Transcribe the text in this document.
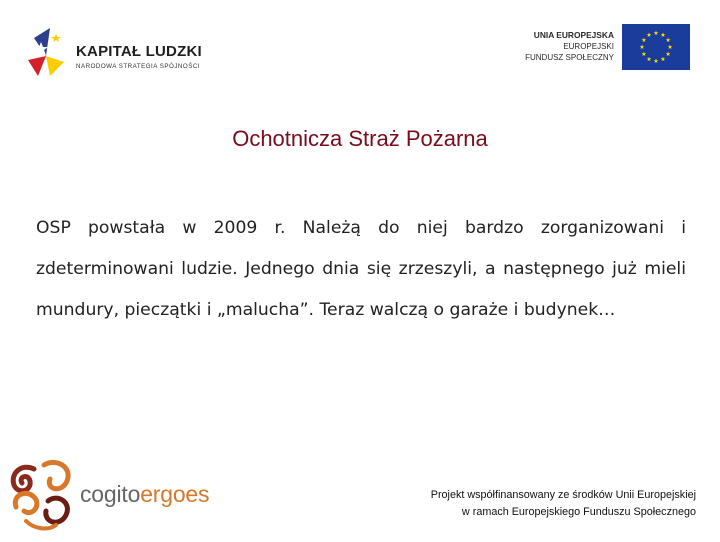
KAPITAŁ LUDZKI
NARODOWA STRATEGIA SPÓJNOŚCI
UNIA EUROPEJSKA
EUROPEJSKI
FUNDUSZ SPOŁECZNY
Ochotnicza Straż Pożarna
OSP powstała w 2009 r. Należą do niej bardzo zorganizowani i zdeterminowani ludzie. Jednego dnia się zrzeszyli, a następnego już mieli mundury, pieczątki i „malucha”. Teraz walczą o garaże i budynek…
cogitoergoes	Projekt współfinansowany ze środków Unii Europejskiej
w ramach Europejskiego Funduszu Społecznego
